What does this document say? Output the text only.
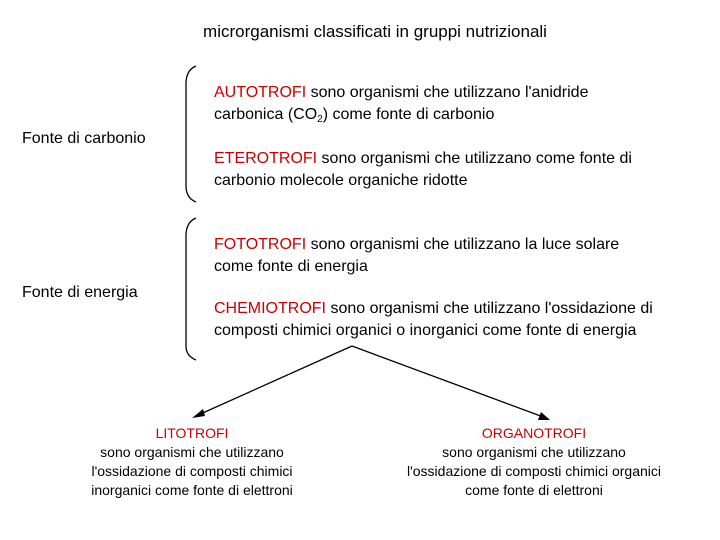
microrganismi classificati in gruppi nutrizionali
Fonte di carbonio
AUTOTROFI sono organismi che utilizzano l'anidride
carbonica $(CO_2)$ come fonte di carbonio
ETEROTROFI sono organismi che utilizzano come fonte di
carbonio molecole organiche ridotte
Fonte di energia
FOTOTROFI sono organismi che utilizzano la luce solare
come fonte di energia
CHEMIOTROFI sono organismi che utilizzano l'ossidazione di
composti chimici organici o inorganici come fonte di energia
LITOTROFI
sono organismi che utilizzano
l'ossidazione di composti chimici
inorganici come fonte di elettroni
ORGANOTROFI
sono organismi che utilizzano
l'ossidazione di composti chimici organici
come fonte di elettroni
